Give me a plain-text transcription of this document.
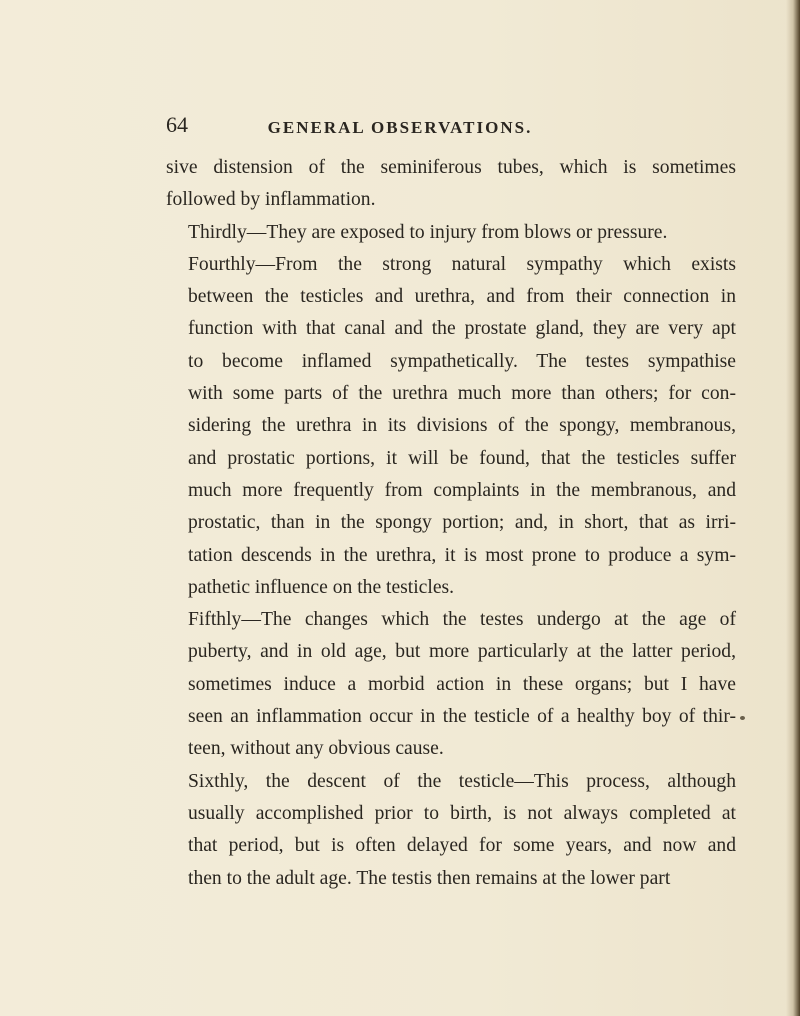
64	GENERAL OBSERVATIONS.

sive distension of the seminiferous tubes, which is sometimes
followed by inflammation.

Thirdly—They are exposed to injury from blows or pressure.

Fourthly—From the strong natural sympathy which exists
between the testicles and urethra, and from their connection in
function with that canal and the prostate gland, they are very apt
to become inflamed sympathetically. The testes sympathise
with some parts of the urethra much more than others; for con-
sidering the urethra in its divisions of the spongy, membranous,
and prostatic portions, it will be found, that the testicles suffer
much more frequently from complaints in the membranous, and
prostatic, than in the spongy portion; and, in short, that as irri-
tation descends in the urethra, it is most prone to produce a sym-
pathetic influence on the testicles.

Fifthly—The changes which the testes undergo at the age of
puberty, and in old age, but more particularly at the latter period,
sometimes induce a morbid action in these organs; but I have
seen an inflammation occur in the testicle of a healthy boy of thir-
teen, without any obvious cause.

Sixthly, the descent of the testicle—This process, although
usually accomplished prior to birth, is not always completed at
that period, but is often delayed for some years, and now and
then to the adult age. The testis then remains at the lower part
